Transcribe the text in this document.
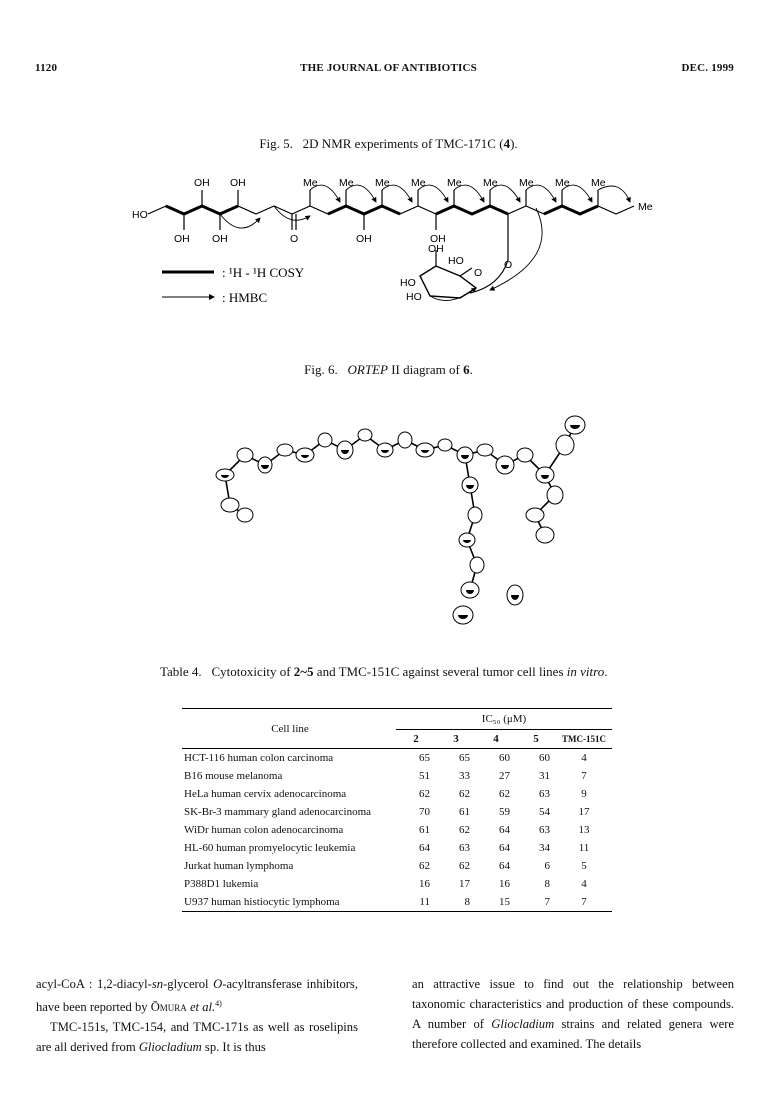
1120	THE JOURNAL OF ANTIBIOTICS	DEC. 1999
Fig. 5. 2D NMR experiments of TMC-171C (4).
HO
OH OH
OH OH	O	OH	OH
OH
Me Me Me Me Me Me Me Me Me
Me
O
HO
O
HO
HO
: ¹H - ¹H COSY
: HMBC
Fig. 6. ORTEP II diagram of 6.
Table 4. Cytotoxicity of 2~5 and TMC-151C against several tumor cell lines in vitro.
Cell line	IC₅₀ (μM)				
	2	3	4	5	TMC-151C
HCT-116 human colon carcinoma	65	65	60	60	4
B16 mouse melanoma	51	33	27	31	7
HeLa human cervix adenocarcinoma	62	62	62	63	9
SK-Br-3 mammary gland adenocarcinoma	70	61	59	54	17
WiDr human colon adenocarcinoma	61	62	64	63	13
HL-60 human promyelocytic leukemia	64	63	64	34	11
Jurkat human lymphoma	62	62	64	6	5
P388D1 lukemia	16	17	16	8	4
U937 human histiocytic lymphoma	11	8	15	7	7

acyl-CoA : 1,2-diacyl-sn-glycerol O-acyltransferase inhibitors, have been reported by Ōmura et al.$^{4)}$

TMC-151s, TMC-154, and TMC-171s as well as roselipins are all derived from Gliocladium sp. It is thus

an attractive issue to find out the relationship between taxonomic characteristics and production of these compounds. A number of Gliocladium strains and related genera were therefore collected and examined. The details
